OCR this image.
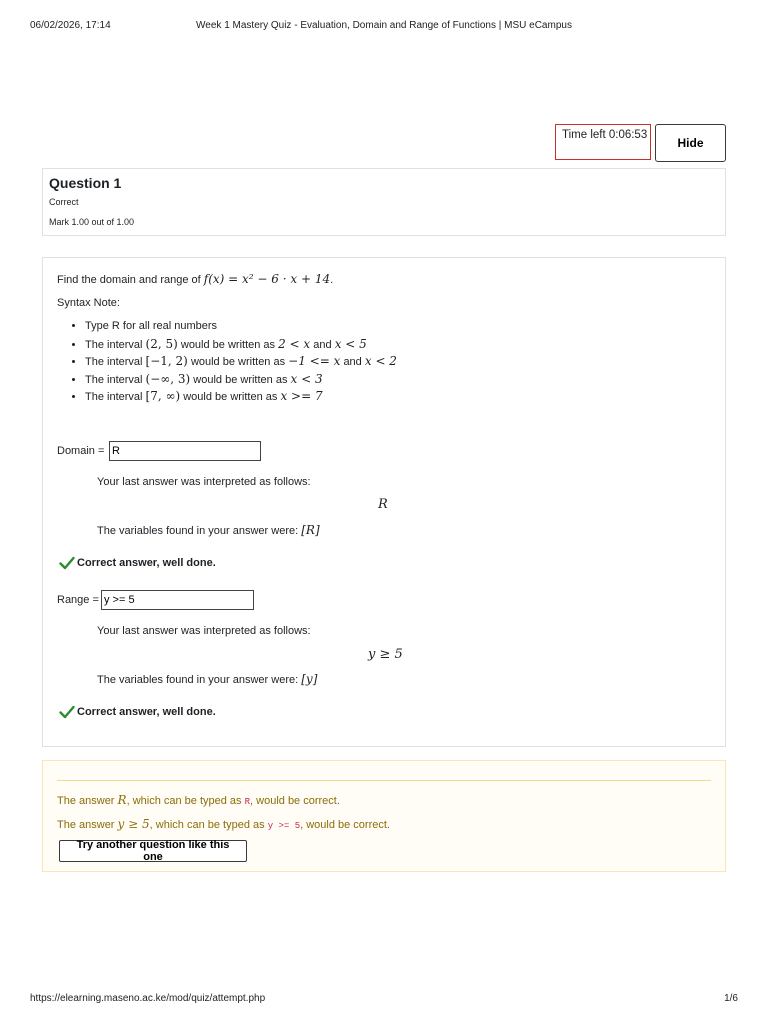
06/02/2026, 17:14	Week 1 Mastery Quiz - Evaluation, Domain and Range of Functions | MSU eCampus
Time left 0:06:53
Hide
Question 1
Correct
Mark 1.00 out of 1.00
Find the domain and range of f(x) = x² − 6 · x + 14.
Syntax Note:
• Type R for all real numbers
• The interval (2, 5) would be written as 2 < x and x < 5
• The interval [−1, 2) would be written as −1 <= x and x < 2
• The interval (−∞, 3) would be written as x < 3
• The interval [7, ∞) would be written as x >= 7
Domain =
R
Your last answer was interpreted as follows:
R
The variables found in your answer were: [R]
Correct answer, well done.
Range =
y >= 5
Your last answer was interpreted as follows:
y ≥ 5
The variables found in your answer were: [y]
Correct answer, well done.
The answer R, which can be typed as R, would be correct.
The answer y ≥ 5, which can be typed as y >= 5, would be correct.
Try another question like this one
https://elearning.maseno.ac.ke/mod/quiz/attempt.php	1/6
